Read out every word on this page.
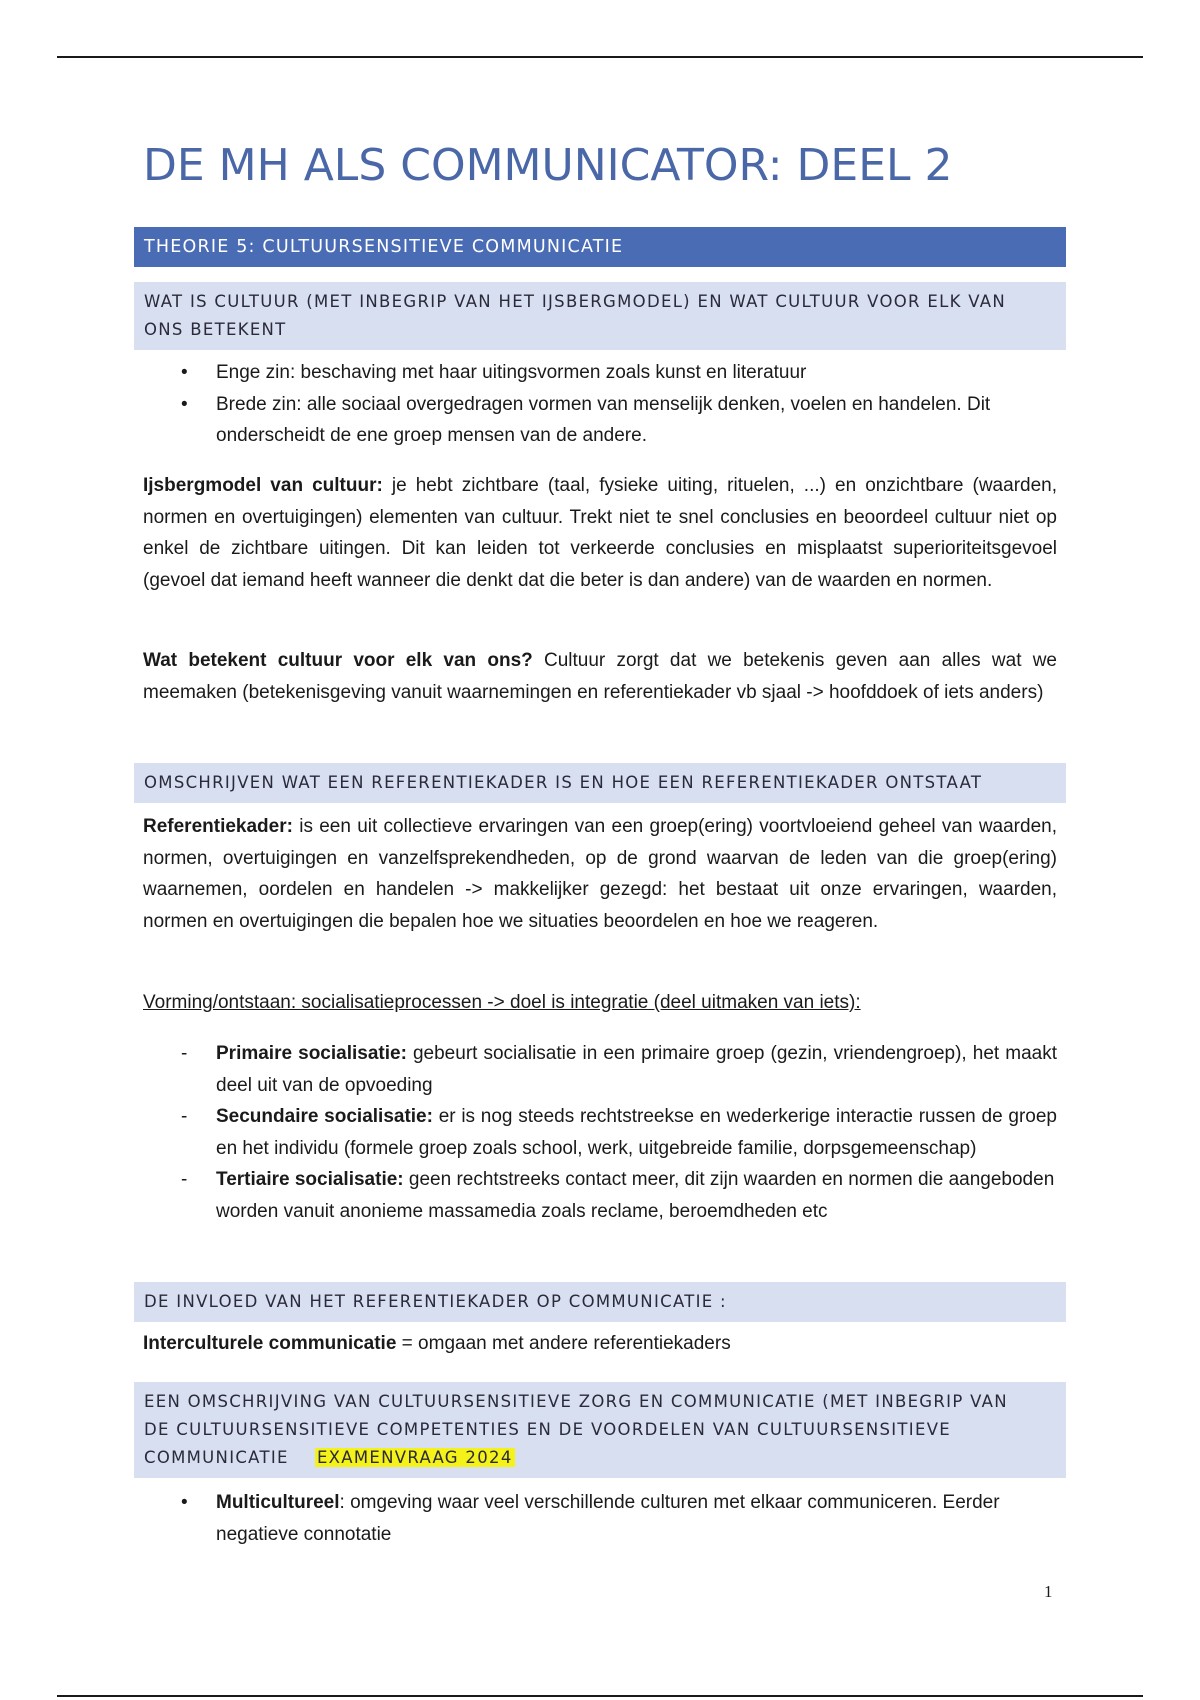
DE MH ALS COMMUNICATOR: DEEL 2
THEORIE 5: CULTUURSENSITIEVE COMMUNICATIE
WAT IS CULTUUR (MET INBEGRIP VAN HET IJSBERGMODEL) EN WAT CULTUUR VOOR ELK VAN
ONS BETEKENT
• Enge zin: beschaving met haar uitingsvormen zoals kunst en literatuur
• Brede zin: alle sociaal overgedragen vormen van menselijk denken, voelen en handelen. Dit onderscheidt de ene groep mensen van de andere.

Ijsbergmodel van cultuur: je hebt zichtbare (taal, fysieke uiting, rituelen, ...) en onzichtbare (waarden, normen en overtuigingen) elementen van cultuur. Trekt niet te snel conclusies en beoordeel cultuur niet op enkel de zichtbare uitingen. Dit kan leiden tot verkeerde conclusies en misplaatst superioriteitsgevoel (gevoel dat iemand heeft wanneer die denkt dat die beter is dan andere) van de waarden en normen.

Wat betekent cultuur voor elk van ons? Cultuur zorgt dat we betekenis geven aan alles wat we meemaken (betekenisgeving vanuit waarnemingen en referentiekader vb sjaal -> hoofddoek of iets anders)

OMSCHRIJVEN WAT EEN REFERENTIEKADER IS EN HOE EEN REFERENTIEKADER ONTSTAAT

Referentiekader: is een uit collectieve ervaringen van een groep(ering) voortvloeiend geheel van waarden, normen, overtuigingen en vanzelfsprekendheden, op de grond waarvan de leden van die groep(ering) waarnemen, oordelen en handelen -> makkelijker gezegd: het bestaat uit onze ervaringen, waarden, normen en overtuigingen die bepalen hoe we situaties beoordelen en hoe we reageren.

Vorming/ontstaan: socialisatieprocessen -> doel is integratie (deel uitmaken van iets):

- Primaire socialisatie: gebeurt socialisatie in een primaire groep (gezin, vriendengroep), het maakt deel uit van de opvoeding
- Secundaire socialisatie: er is nog steeds rechtstreekse en wederkerige interactie russen de groep en het individu (formele groep zoals school, werk, uitgebreide familie, dorpsgemeenschap)
- Tertiaire socialisatie: geen rechtstreeks contact meer, dit zijn waarden en normen die aangeboden worden vanuit anonieme massamedia zoals reclame, beroemdheden etc
DE INVLOED VAN HET REFERENTIEKADER OP COMMUNICATIE :

Interculturele communicatie = omgaan met andere referentiekaders

EEN OMSCHRIJVING VAN CULTUURSENSITIEVE ZORG EN COMMUNICATIE (MET INBEGRIP VAN
DE CULTUURSENSITIEVE COMPETENTIES EN DE VOORDELEN VAN CULTUURSENSITIEVE
COMMUNICATIE EXAMENVRAAG 2024
• Multicultureel: omgeving waar veel verschillende culturen met elkaar communiceren. Eerder negatieve connotatie
1
